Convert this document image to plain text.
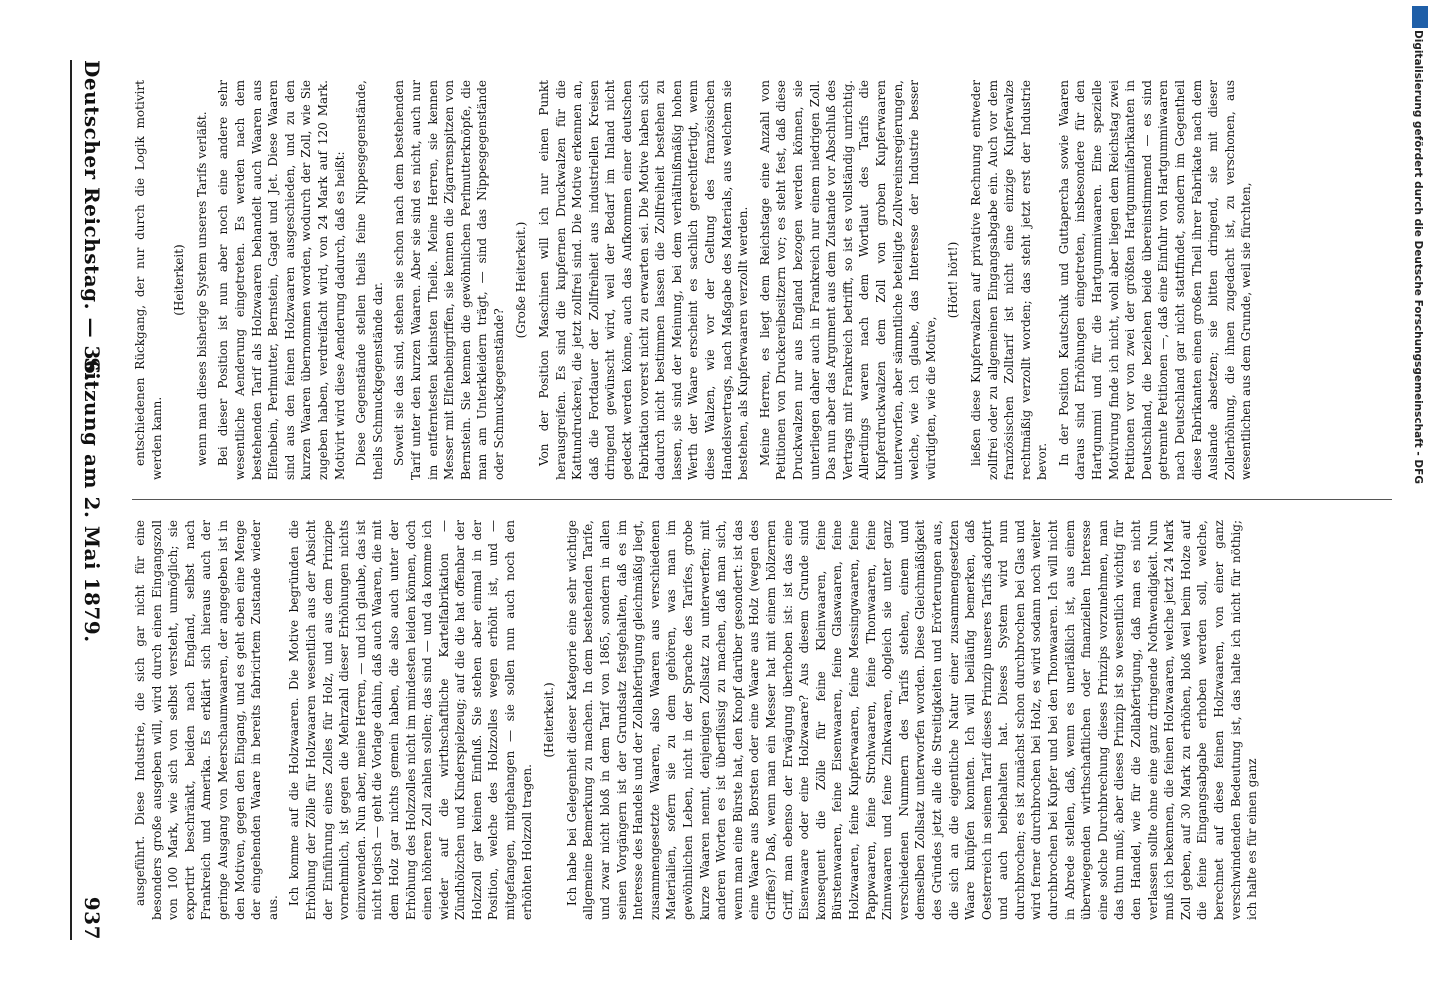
Deutscher Reichstag. — 36.
Sitzung am 2. Mai 1879.
937

ausgeführt. Diese Industrie, die sich gar nicht für eine besonders große ausgeben will, wird durch einen Eingangszoll von 100 Mark, wie sich von selbst versteht, unmöglich; sie exportirt beschränkt, beiden nach England, selbst nach Frankreich und Amerika. Es erklärt sich hieraus auch der geringe Ausgang von Meerschaumwaaren, der angegeben ist in den Motiven, gegen den Eingang, und es geht eben eine Menge der eingehenden Waare in bereits fabricirtem Zustande wieder aus.

Ich komme auf die Holzwaaren. Die Motive begründen die Erhöhung der Zölle für Holzwaaren wesentlich aus der Absicht der Einführung eines Zolles für Holz, und aus dem Prinzipe vornehmlich, ist gegen die Mehrzahl dieser Erhöhungen nichts einzuwenden. Nun aber, meine Herren, — und ich glaube, das ist nicht logisch — geht die Vorlage dahin, daß auch Waaren, die mit dem Holz gar nichts gemein haben, die also auch unter der Erhöhung des Holzzolles nicht im mindesten leiden können, doch einen höheren Zoll zahlen sollen; das sind — und da komme ich wieder auf die wirthschaftliche Kartelfabrikation — Zündhölzchen und Kinderspielzeug; auf die die hat offenbar der Holzzoll gar keinen Einfluß. Sie stehen aber einmal in der Position, welche des Holzzolles wegen erhöht ist, und — mitgefangen, mitgehangen — sie sollen nun auch noch den erhöhten Holzzoll tragen.

(Heiterkeit.) Ich habe bei Gelegenheit dieser Kategorie eine sehr wichtige allgemeine Bemerkung zu machen. In dem bestehenden Tarife, und zwar nicht bloß in dem Tarif von 1865, sondern in allen seinen Vorgängern ist der Grundsatz festgehalten, daß es im Interesse des Handels und der Zollabfertigung gleichmäßig liegt, zusammengesetzte Waaren, also Waaren aus verschiedenen Materialien, sofern sie zu dem gehören, was man im gewöhnlichen Leben, nicht in der Sprache des Tarifes, grobe kurze Waaren nennt, denjenigen Zollsatz zu unterwerfen; mit anderen Worten es ist überflüssig zu machen, daß man sich, wenn man eine Bürste hat, den Knopf darüber gesondert: ist das eine Waare aus Borsten oder eine Waare aus Holz (wegen des Griffes)? Daß, wenn man ein Messer hat mit einem hölzernen Griff, man ebenso der Erwägung überhoben ist: ist das eine Eisenwaare oder eine Holzwaare? Aus diesem Grunde sind konsequent die Zölle für feine Kleinwaaren, feine Bürstenwaaren, feine Eisenwaaren, feine Glaswaaren, feine Holzwaaren, feine Kupferwaaren, feine Messingwaaren, feine Pappwaaren, feine Strohwaaren, feine Thonwaaren, feine Zinnwaaren und feine Zinkwaaren, obgleich sie unter ganz verschiedenen Nummern des Tarifs stehen, einem und demselben Zollsatz unterworfen worden. Diese Gleichmäßigkeit des Gründes jetzt alle die Streitigkeiten und Erörterungen aus, die sich an die eigentliche Natur einer zusammengesetzten Waare knüpfen konnten. Ich will beiläufig bemerken, daß Oesterreich in seinem Tarif dieses Prinzip unseres Tarifs adoptirt und auch beibehalten hat. Dieses System wird nun durchbrochen; es ist zunächst schon durchbrochen bei Glas und wird ferner durchbrochen bei Holz, es wird sodann noch weiter durchbrochen bei Kupfer und bei den Thonwaaren. Ich will nicht in Abrede stellen, daß, wenn es unerläßlich ist, aus einem überwiegenden wirthschaftlichen oder finanziellen Interesse eine solche Durchbrechung dieses Prinzips vorzunehmen, man das thun muß; aber dieses Prinzip ist so wesentlich wichtig für den Handel, wie für die Zollabfertigung, daß man es nicht verlassen sollte ohne eine ganz dringende Nothwendigkeit. Nun muß ich bekennen, die feinen Holzwaaren, welche jetzt 24 Mark Zoll geben, auf 30 Mark zu erhöhen, bloß weil beim Holze auf die feine Eingangsabgabe erhoben werden soll, welche, berechnet auf diese feinen Holzwaaren, von einer ganz verschwindenden Bedeutung ist, das halte ich nicht für nöthig; ich halte es für einen ganz

entschiedenen Rückgang, der nur durch die Logik motivirt werden kann.

(Heiterkeit) wenn man dieses bisherige System unseres Tarifs verläßt. Bei dieser Position ist nun aber noch eine andere sehr wesentliche Aenderung eingetreten. Es werden nach dem bestehenden Tarif als Holzwaaren behandelt auch Waaren aus Elfenbein, Perlmutter, Bernstein, Gagat und Jet. Diese Waaren sind aus den feinen Holzwaaren ausgeschieden, und zu den kurzen Waaren übernommen worden, wodurch der Zoll, wie Sie zugeben haben, verdreifacht wird, von 24 Mark auf 120 Mark. Motivirt wird diese Aenderung dadurch, daß es heißt: Diese Gegenstände stellen theils feine Nippesgegenstände, theils Schmuckgegenstände dar. Soweit sie das sind, stehen sie schon nach dem bestehenden Tarif unter den kurzen Waaren. Aber sie sind es nicht, auch nur im entferntesten kleinsten Theile. Meine Herren, sie kennen Messer mit Elfenbeingriffen, sie kennen die Zigarrenspitzen von Bernstein. Sie kennen die gewöhnlichen Perlmutterknöpfe, die man am Unterkleidern trägt, — sind das Nippesgegenstände oder Schmuckgegenstände?

(Große Heiterkeit.) Von der Position Maschinen will ich nur einen Punkt herausgreifen. Es sind die kupfernen Druckwalzen für die Kattundruckerei, die jetzt zollfrei sind. Die Motive erkennen an, daß die Fortdauer der Zollfreiheit aus industriellen Kreisen dringend gewünscht wird, weil der Bedarf im Inland nicht gedeckt werden könne, auch das Aufkommen einer deutschen Fabrikation vorerst nicht zu erwarten sei. Die Motive haben sich dadurch nicht bestimmen lassen die Zollfreiheit bestehen zu lassen, sie sind der Meinung, bei dem verhältnißmäßig hohen Werth der Waare erscheint es sachlich gerechtfertigt, wenn diese Walzen, wie vor der Geltung des französischen Handelsvertrags, nach Maßgabe des Materials, aus welchem sie bestehen, als Kupferwaaren verzollt werden. Meine Herren, es liegt dem Reichstage eine Anzahl von Petitionen von Druckereibesitzern vor; es steht fest, daß diese Druckwalzen nur aus England bezogen werden können, sie unterliegen daher auch in Frankreich nur einem niedrigen Zoll. Das nun aber das Argument aus dem Zustande vor Abschluß des Vertrags mit Frankreich betrifft, so ist es vollständig unrichtig. Allerdings waren nach dem Wortlaut des Tarifs die Kupferdruckwalzen dem Zoll von groben Kupferwaaren unterworfen, aber sämmtliche beteiligte Zollvereinsregierungen, welche, wie ich glaube, das Interesse der Industrie besser würdigten, wie die Motive,

(Hört! hört!) ließen diese Kupferwalzen auf privative Rechnung entweder zollfrei oder zu allgemeinen Eingangsabgabe ein. Auch vor dem französischen Zolltarif ist nicht eine einzige Kupferwalze rechtmäßig verzollt worden; das steht jetzt erst der Industrie bevor. In der Position Kautschuk und Guttapercha sowie Waaren daraus sind Erhöhungen eingetreten, insbesondere für den Hartgummi und für die Hartgummiwaaren. Eine spezielle Motivirung finde ich nicht, wohl aber liegen dem Reichstag zwei Petitionen vor von zwei der größten Hartgummifabrikanten in Deutschland, die beziehen beide übereinstimmend — es sind getrennte Petitionen —, daß eine Einfuhr von Hartgummiwaaren nach Deutschland gar nicht stattfindet, sondern im Gegentheil diese Fabrikanten einen großen Theil ihrer Fabrikate nach dem Auslande absetzen; sie bitten dringend, sie mit dieser Zollerhöhung, die ihnen zugedacht ist, zu verschonen, aus wesentlichen aus dem Grunde, weil sie fürchten,	Digitalisierung gefördert durch die Deutsche Forschungsgemeinschaft - DFG
